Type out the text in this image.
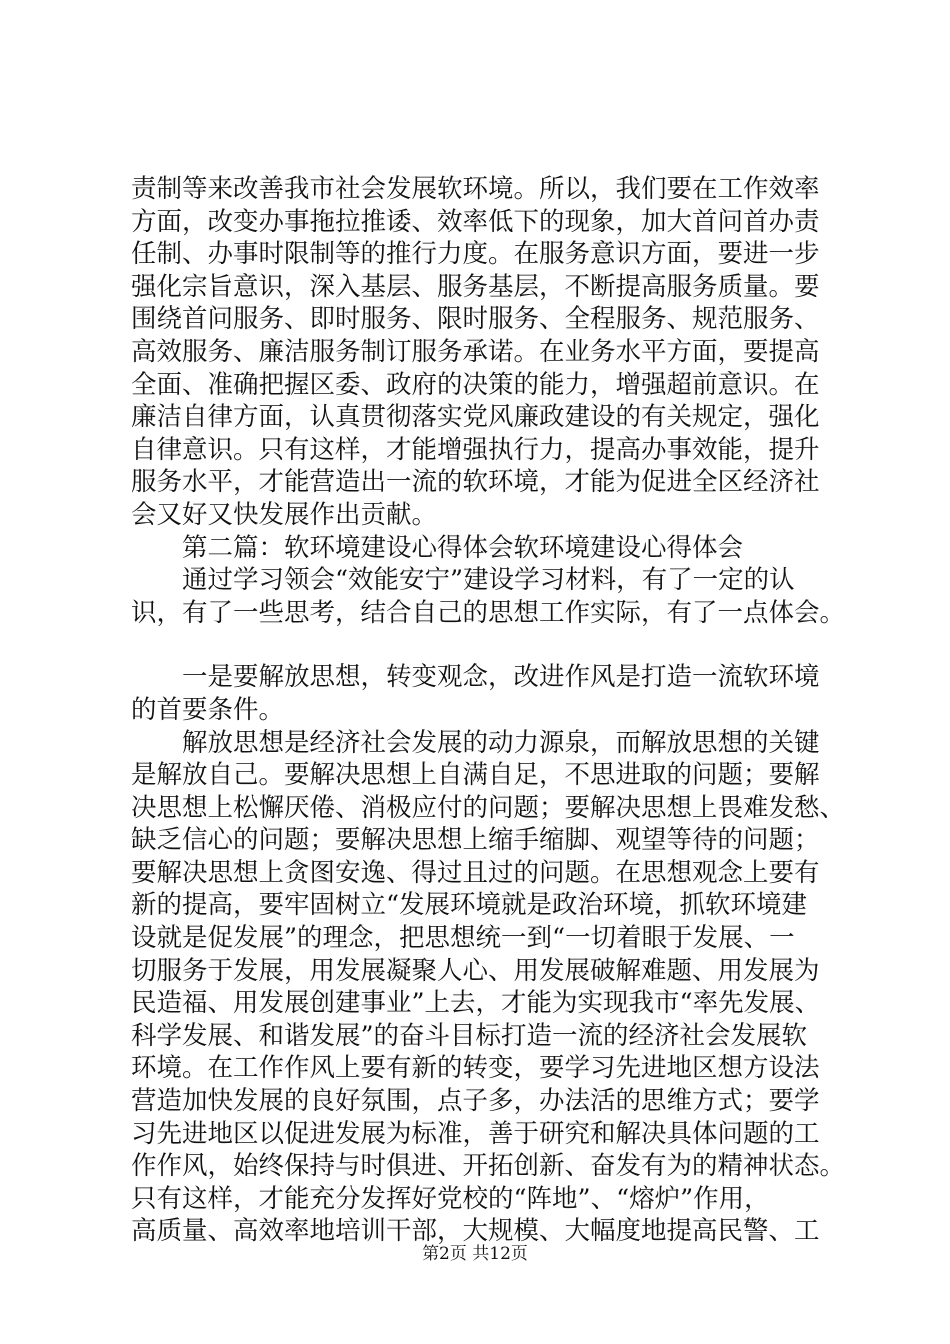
责制等来改善我市社会发展软环境。所以，我们要在工作效率
方面，改变办事拖拉推诿、效率低下的现象，加大首问首办责
任制、办事时限制等的推行力度。在服务意识方面，要进一步
强化宗旨意识，深入基层、服务基层，不断提高服务质量。要
围绕首问服务、即时服务、限时服务、全程服务、规范服务、
高效服务、廉洁服务制订服务承诺。在业务水平方面，要提高
全面、准确把握区委、政府的决策的能力，增强超前意识。在
廉洁自律方面，认真贯彻落实党风廉政建设的有关规定，强化
自律意识。只有这样，才能增强执行力，提高办事效能，提升
服务水平，才能营造出一流的软环境，才能为促进全区经济社
会又好又快发展作出贡献。
第二篇：软环境建设心得体会软环境建设心得体会
通过学习领会“效能安宁”建设学习材料，有了一定的认
识，有了一些思考，结合自己的思想工作实际，有了一点体会。
一是要解放思想，转变观念，改进作风是打造一流软环境
的首要条件。
解放思想是经济社会发展的动力源泉，而解放思想的关键
是解放自己。要解决思想上自满自足，不思进取的问题；要解
决思想上松懈厌倦、消极应付的问题；要解决思想上畏难发愁、
缺乏信心的问题；要解决思想上缩手缩脚、观望等待的问题；
要解决思想上贪图安逸、得过且过的问题。在思想观念上要有
新的提高，要牢固树立“发展环境就是政治环境，抓软环境建
设就是促发展”的理念，把思想统一到“一切着眼于发展、一
切服务于发展，用发展凝聚人心、用发展破解难题、用发展为
民造福、用发展创建事业”上去，才能为实现我市“率先发展、
科学发展、和谐发展”的奋斗目标打造一流的经济社会发展软
环境。在工作作风上要有新的转变，要学习先进地区想方设法
营造加快发展的良好氛围，点子多，办法活的思维方式；要学
习先进地区以促进发展为标准，善于研究和解决具体问题的工
作作风，始终保持与时俱进、开拓创新、奋发有为的精神状态。
只有这样，才能充分发挥好党校的“阵地”、“熔炉”作用，
高质量、高效率地培训干部，大规模、大幅度地提高民警、工
第2页 共12页
